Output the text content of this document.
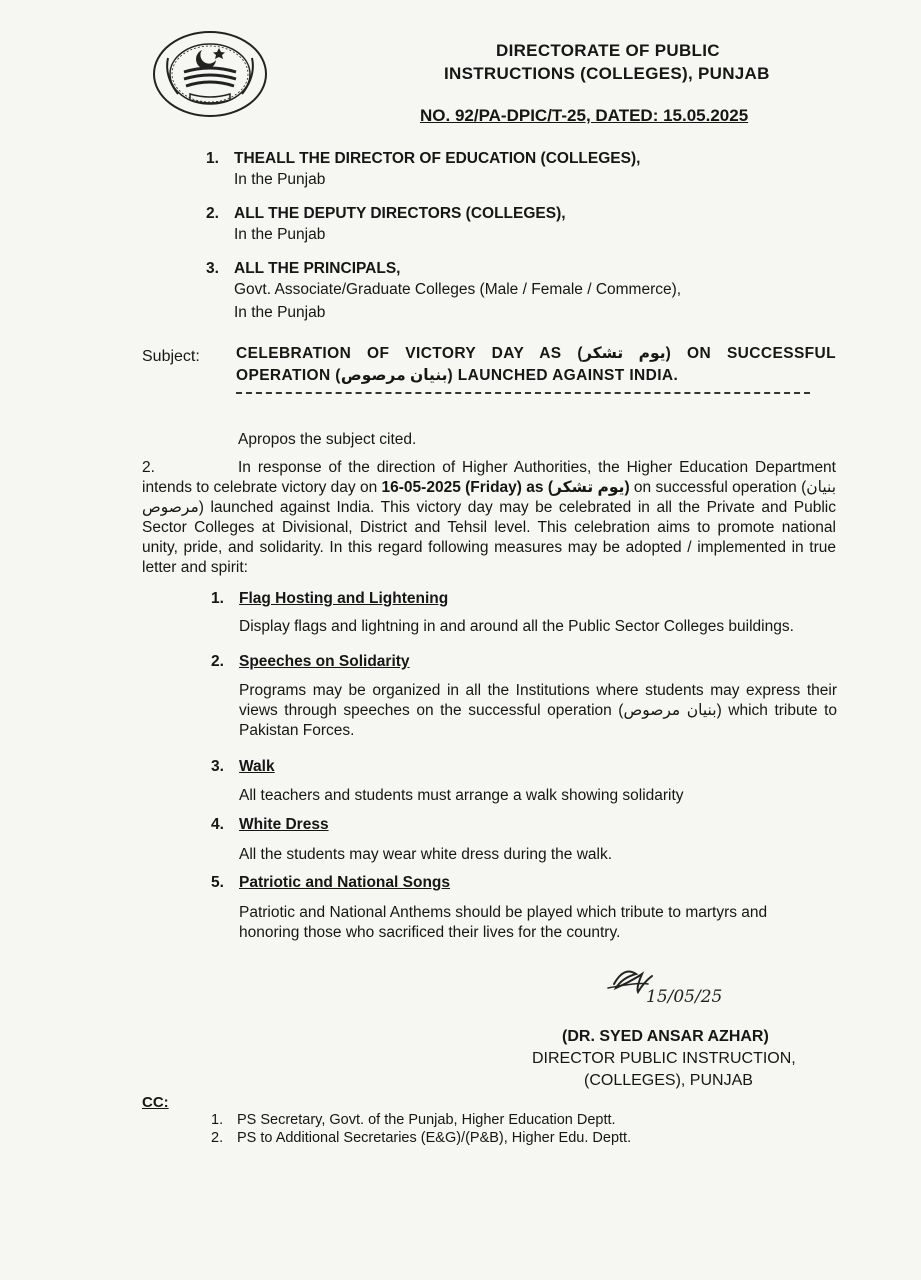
DIRECTORATE OF PUBLIC
INSTRUCTIONS (COLLEGES), PUNJAB
NO. 92/PA-DPIC/T-25, DATED: 15.05.2025
1. THEALL THE DIRECTOR OF EDUCATION (COLLEGES),
In the Punjab
2. ALL THE DEPUTY DIRECTORS (COLLEGES),
In the Punjab
3. ALL THE PRINCIPALS,
Govt. Associate/Graduate Colleges (Male / Female / Commerce),
In the Punjab
Subject: CELEBRATION OF VICTORY DAY AS (یوم تشکر) ON SUCCESSFUL OPERATION (بنیان مرصوص) LAUNCHED AGAINST INDIA.
Apropos the subject cited.
2.	In response of the direction of Higher Authorities, the Higher Education Department intends to celebrate victory day on 16-05-2025 (Friday) as (یوم تشکر) on successful operation (بنیان مرصوص) launched against India. This victory day may be celebrated in all the Private and Public Sector Colleges at Divisional, District and Tehsil level. This celebration aims to promote national unity, pride, and solidarity. In this regard following measures may be adopted / implemented in true letter and spirit:
1. Flag Hosting and Lightening
Display flags and lightning in and around all the Public Sector Colleges buildings.
2. Speeches on Solidarity
Programs may be organized in all the Institutions where students may express their views through speeches on the successful operation (بنیان مرصوص) which tribute to Pakistan Forces.
3. Walk
All teachers and students must arrange a walk showing solidarity
4. White Dress
All the students may wear white dress during the walk.
5. Patriotic and National Songs
Patriotic and National Anthems should be played which tribute to martyrs and honoring those who sacrificed their lives for the country.
15/05/25
(DR. SYED ANSAR AZHAR)
DIRECTOR PUBLIC INSTRUCTION,
(COLLEGES), PUNJAB
CC:
1. PS Secretary, Govt. of the Punjab, Higher Education Deptt.
2. PS to Additional Secretaries (E&G)/(P&B), Higher Edu. Deptt.
